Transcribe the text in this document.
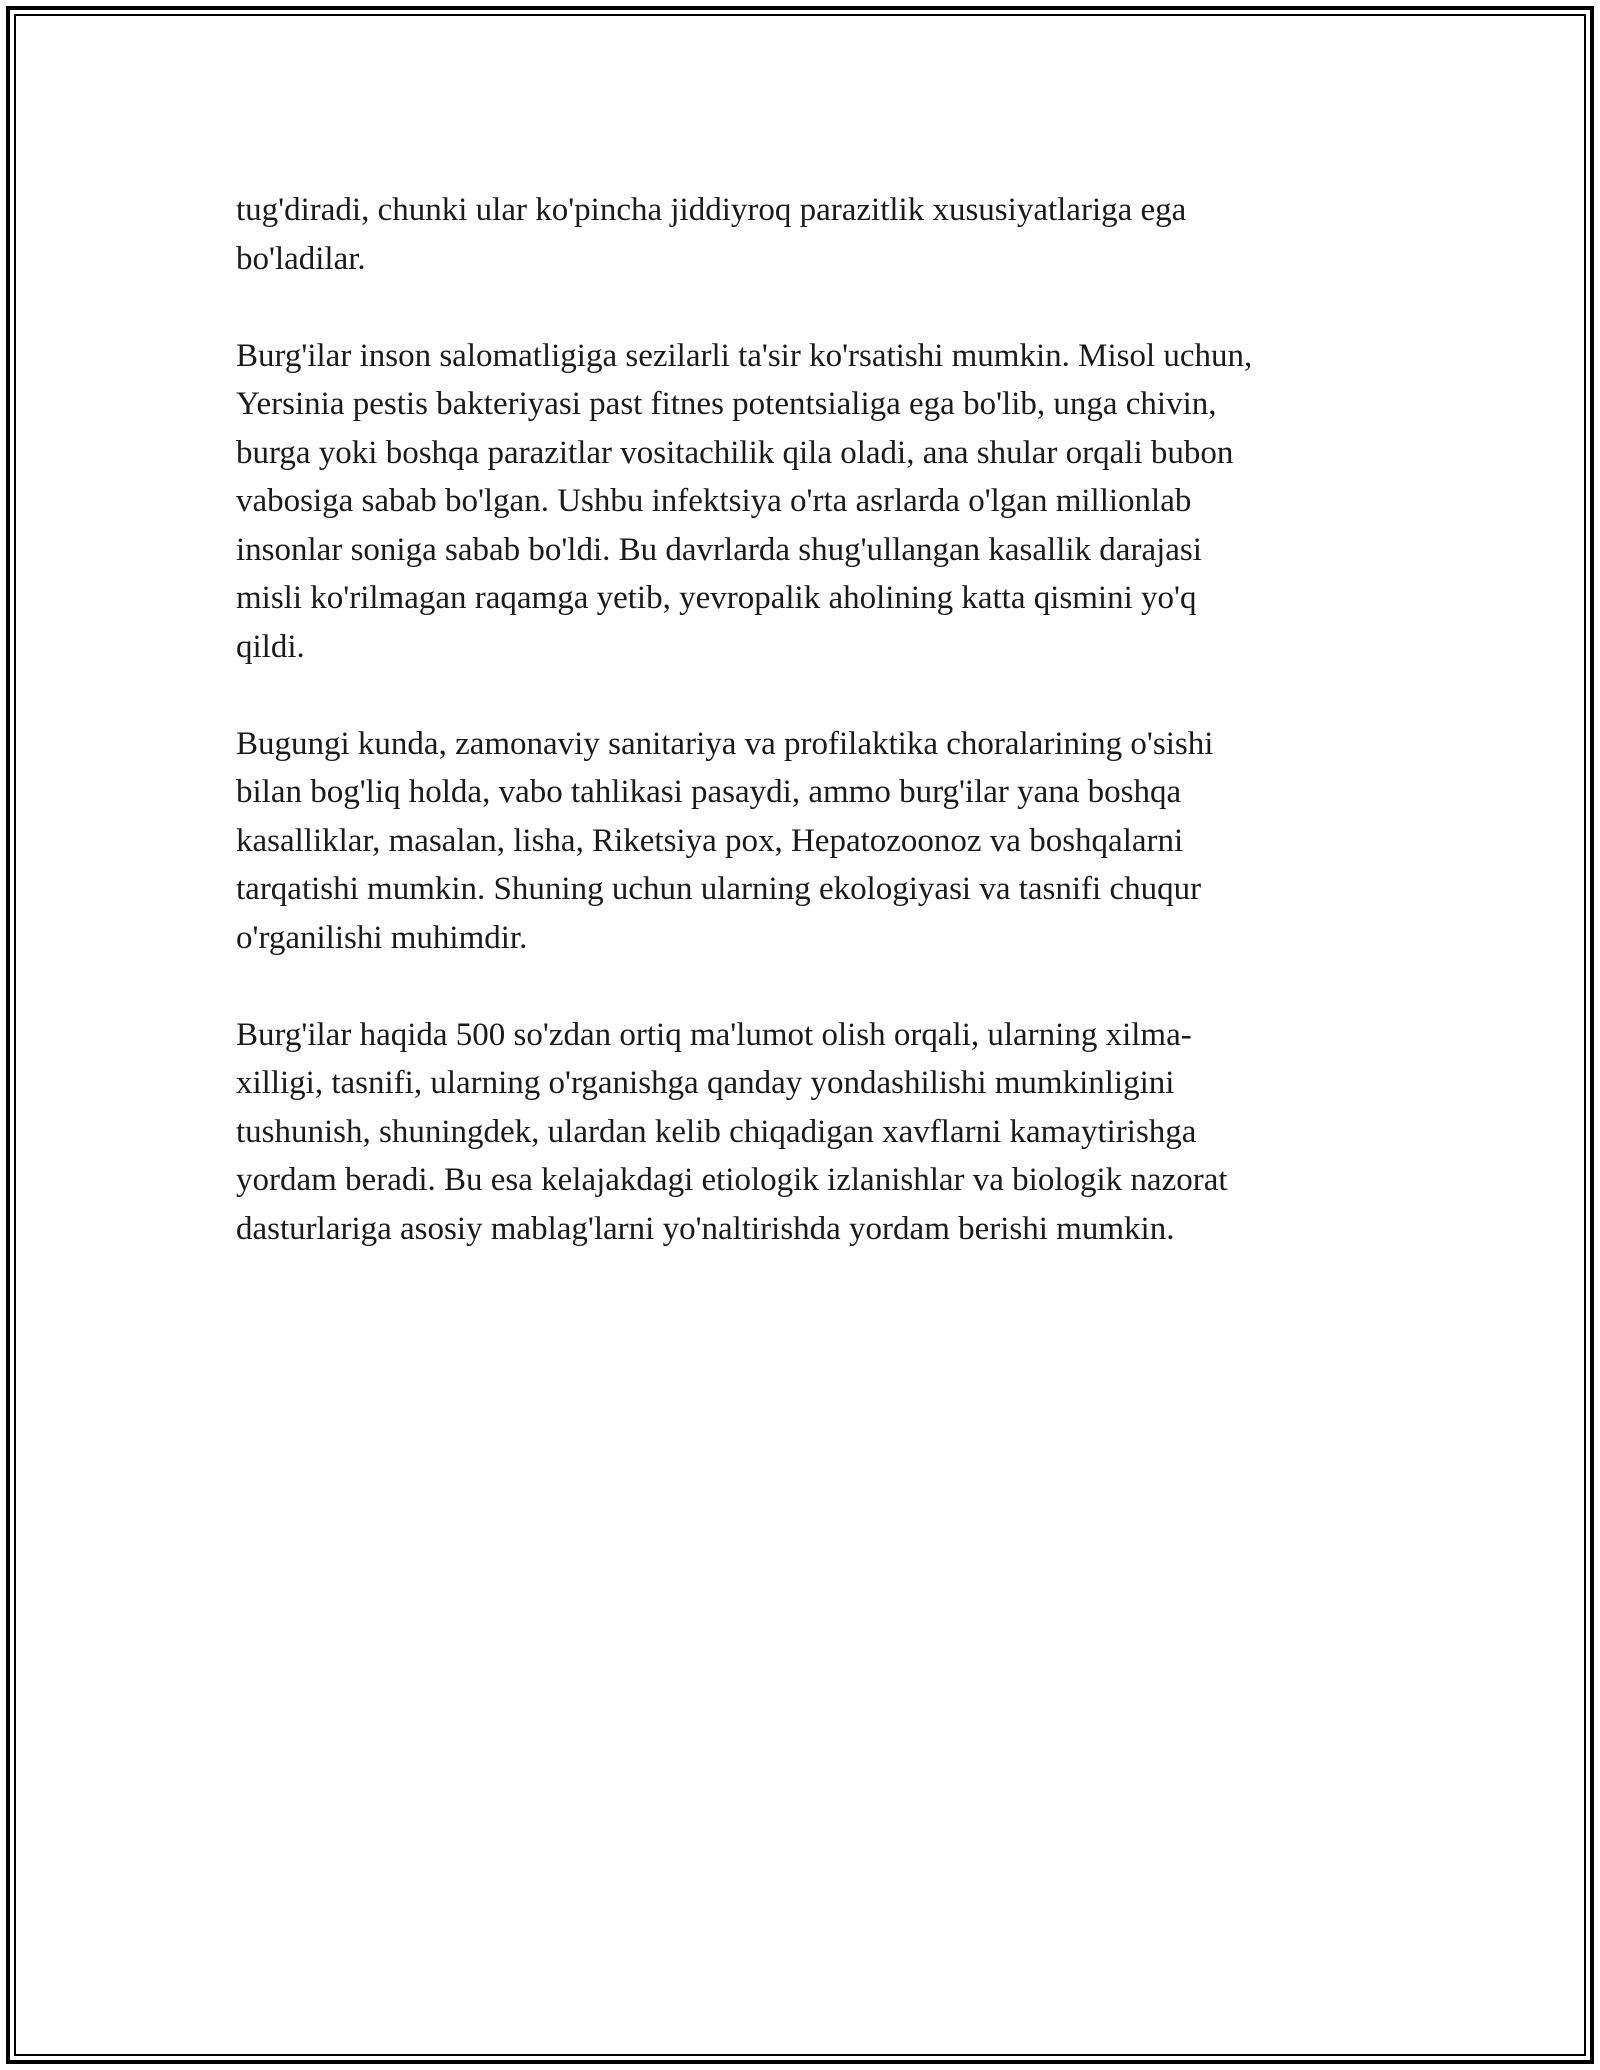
tug'diradi, chunki ular ko'pincha jiddiyroq parazitlik xususiyatlariga ega
bo'ladilar.

Burg'ilar inson salomatligiga sezilarli ta'sir ko'rsatishi mumkin. Misol uchun,
Yersinia pestis bakteriyasi past fitnes potentsialiga ega bo'lib, unga chivin,
burga yoki boshqa parazitlar vositachilik qila oladi, ana shular orqali bubon
vabosiga sabab bo'lgan. Ushbu infektsiya o'rta asrlarda o'lgan millionlab
insonlar soniga sabab bo'ldi. Bu davrlarda shug'ullangan kasallik darajasi
misli ko'rilmagan raqamga yetib, yevropalik aholining katta qismini yo'q
qildi.

Bugungi kunda, zamonaviy sanitariya va profilaktika choralarining o'sishi
bilan bog'liq holda, vabo tahlikasi pasaydi, ammo burg'ilar yana boshqa
kasalliklar, masalan, lisha, Riketsiya pox, Hepatozoonoz va boshqalarni
tarqatishi mumkin. Shuning uchun ularning ekologiyasi va tasnifi chuqur
o'rganilishi muhimdir.

Burg'ilar haqida 500 so'zdan ortiq ma'lumot olish orqali, ularning xilma-
xilligi, tasnifi, ularning o'rganishga qanday yondashilishi mumkinligini
tushunish, shuningdek, ulardan kelib chiqadigan xavflarni kamaytirishga
yordam beradi. Bu esa kelajakdagi etiologik izlanishlar va biologik nazorat
dasturlariga asosiy mablag'larni yo'naltirishda yordam berishi mumkin.
